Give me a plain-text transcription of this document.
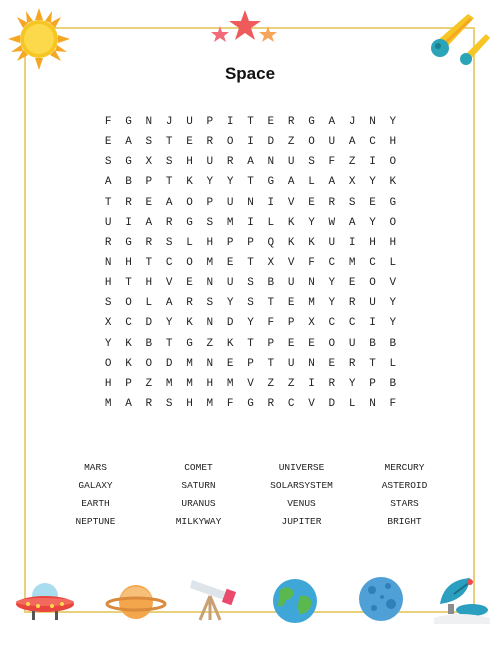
Space
F	G	N	J	U	P	I	T	E	R	G	A	J	N	Y
E	A	S	T	E	R	O	I	D	Z	O	U	A	C	H
S	G	X	S	H	U	R	A	N	U	S	F	Z	I	O
A	B	P	T	K	Y	Y	T	G	A	L	A	X	Y	K
T	R	E	A	O	P	U	N	I	V	E	R	S	E	G
U	I	A	R	G	S	M	I	L	K	Y	W	A	Y	O
R	G	R	S	L	H	P	P	Q	K	K	U	I	H	H
N	H	T	C	O	M	E	T	X	V	F	C	M	C	L
H	T	H	V	E	N	U	S	B	U	N	Y	E	O	V
S	O	L	A	R	S	Y	S	T	E	M	Y	R	U	Y
X	C	D	Y	K	N	D	Y	F	P	X	C	C	I	Y
Y	K	B	T	G	Z	K	T	P	E	E	O	U	B	B
O	K	O	D	M	N	E	P	T	U	N	E	R	T	L
H	P	Z	M	M	H	M	V	Z	Z	I	R	Y	P	B
M	A	R	S	H	M	F	G	R	C	V	D	L	N	F
MARS	COMET	UNIVERSE	MERCURY
GALAXY	SATURN	SOLARSYSTEM	ASTEROID
EARTH	URANUS	VENUS	STARS
NEPTUNE	MILKYWAY	JUPITER	BRIGHT
